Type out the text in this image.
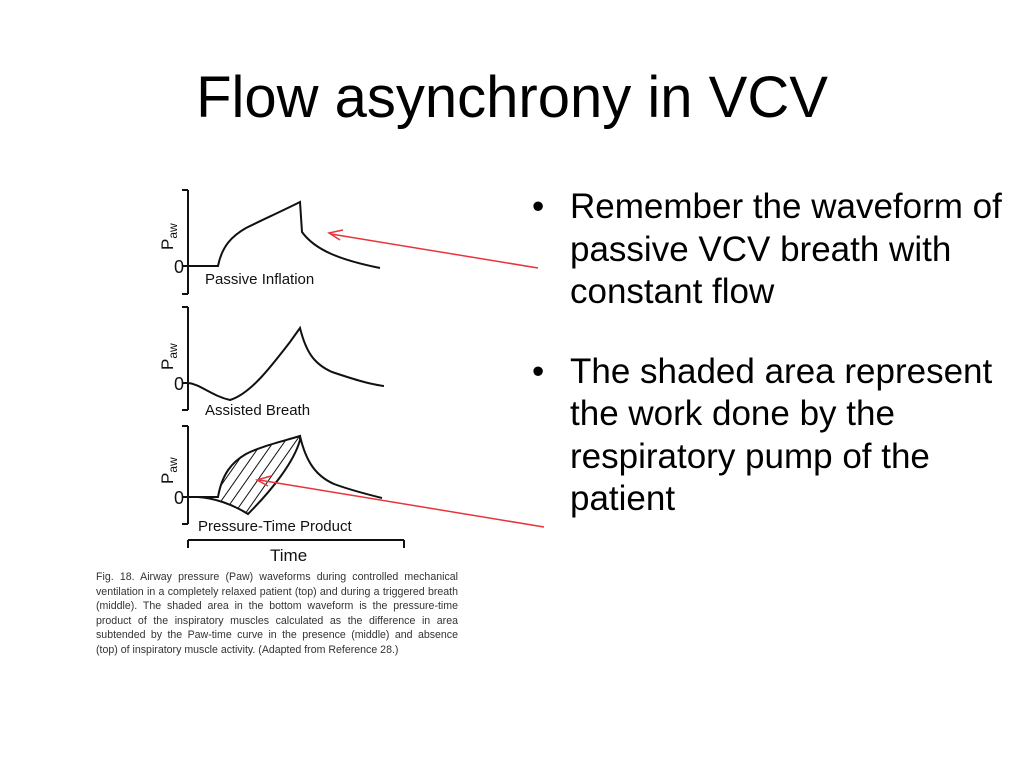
Flow asynchrony in VCV
$P_{aw}$
0
Passive Inflation
$P_{aw}$
0
Assisted Breath
$P_{aw}$
0
Pressure-Time Product
Time

Fig. 18. Airway pressure (Paw) waveforms during controlled mechanical ventilation in a completely relaxed patient (top) and during a triggered breath (middle). The shaded area in the bottom waveform is the pressure-time product of the inspiratory muscles calculated as the difference in area subtended by the Paw-time curve in the presence (middle) and absence (top) of inspiratory muscle activity. (Adapted from Reference 28.)

• Remember the waveform of passive VCV breath with constant flow
• The shaded area represent the work done by the respiratory pump of the patient
